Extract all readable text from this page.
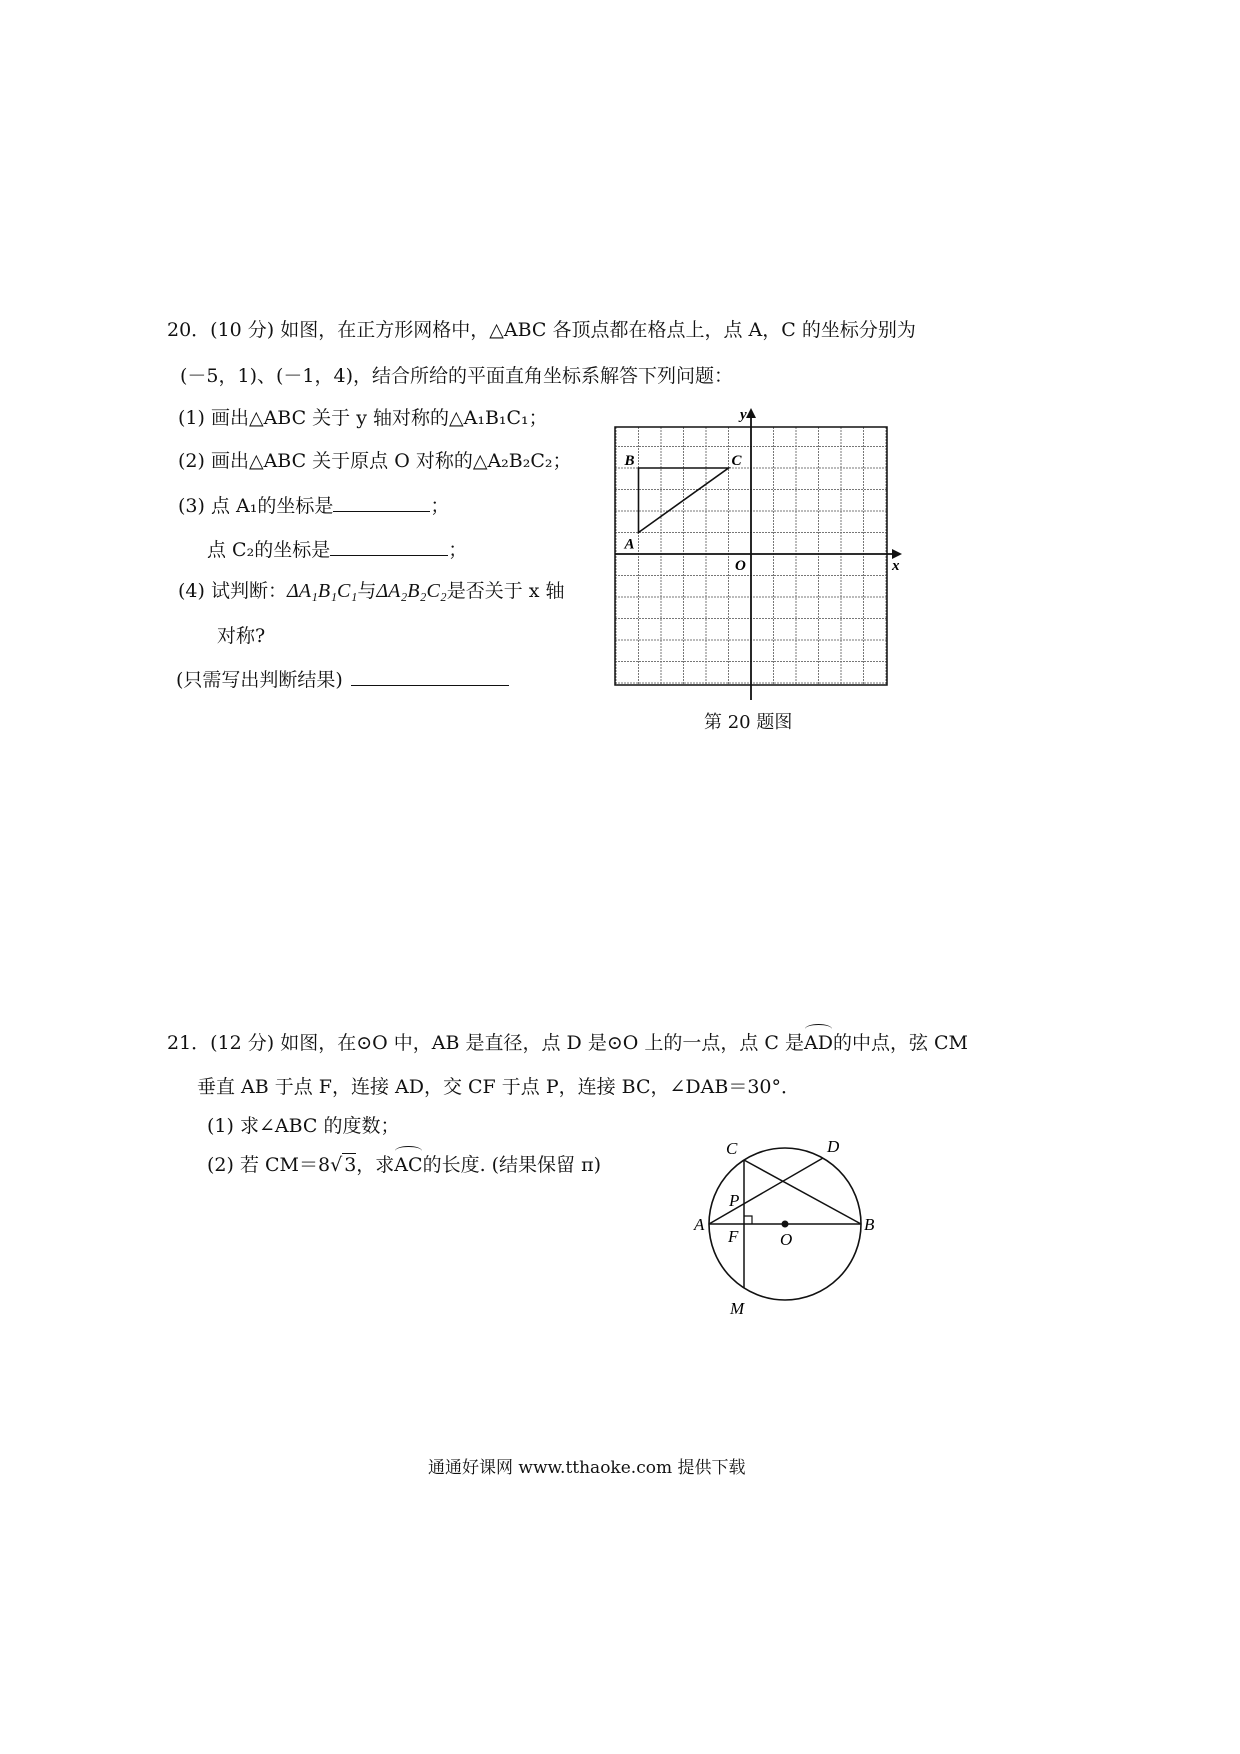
20．(10 分) 如图，在正方形网格中，△ABC 各顶点都在格点上，点 A，C 的坐标分别为
(－5，1)、(－1，4)，结合所给的平面直角坐标系解答下列问题：
(1) 画出△ABC 关于 y 轴对称的△A₁B₁C₁；
(2) 画出△ABC 关于原点 O 对称的△A₂B₂C₂；
(3) 点 A₁的坐标是	；
点 C₂的坐标是	；
(4) 试判断：ΔA₁B₁C₁与ΔA₂B₂C₂是否关于 x 轴
对称?
(只需写出判断结果)
y
x
O
A
B	C
第 20 题图
21．(12 分) 如图，在⊙O 中，AB 是直径，点 D 是⊙O 上的一点，点 C 是AD的中点，弦 CM
垂直 AB 于点 F，连接 AD，交 CF 于点 P，连接 BC，∠DAB＝30°．
(1) 求∠ABC 的度数；
(2) 若 CM＝8√ 3，求AC的长度. (结果保留 π)
C	D
P
A
F O
B
M
通通好课网 www.tthaoke.com 提供下载
